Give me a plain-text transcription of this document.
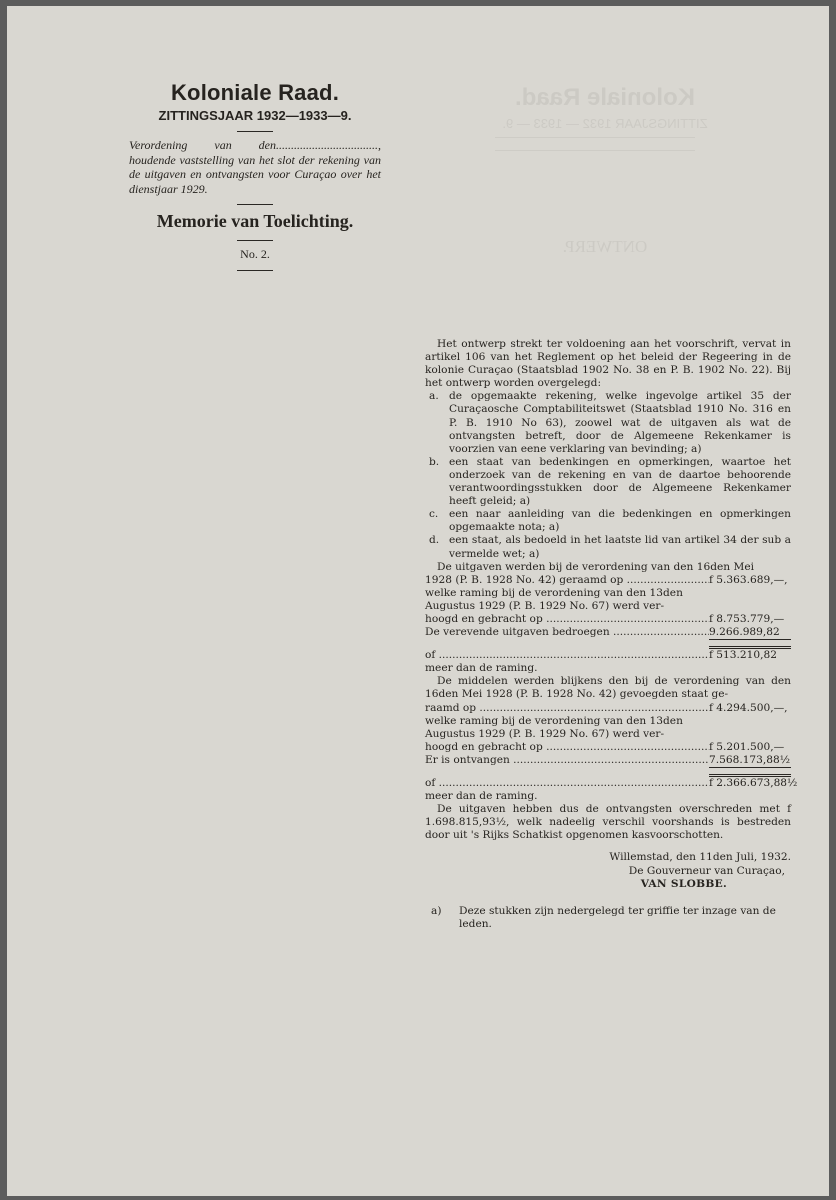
Koloniale Raad.
ZITTINGSJAAR 1932 — 1933 — 9.
ONTWERP.
Koloniale Raad.
ZITTINGSJAAR 1932—1933—9.
Verordening van den.................................., houdende vaststelling van het slot der rekening van de uitgaven en ontvangsten voor Curaçao over het dienstjaar 1929.
Memorie van Toelichting.
No. 2.
Het ontwerp strekt ter voldoening aan het voorschrift, vervat in artikel 106 van het Reglement op het beleid der Regeering in de kolonie Curaçao (Staatsblad 1902 No. 38 en P. B. 1902 No. 22). Bij het ontwerp worden overgelegd:
a. de opgemaakte rekening, welke ingevolge artikel 35 der Curaçaosche Comptabiliteitswet (Staatsblad 1910 No. 316 en P. B. 1910 No 63), zoowel wat de uitgaven als wat de ontvangsten betreft, door de Algemeene Rekenkamer is voorzien van eene verklaring van bevinding; a)
b. een staat van bedenkingen en opmerkingen, waartoe het onderzoek van de rekening en van de daartoe behoorende verantwoordingsstukken door de Algemeene Rekenkamer heeft geleid; a)
c.	een naar aanleiding van die bedenkingen en opmerkingen opgemaakte nota; a)
d. een staat, als bedoeld in het laatste lid van artikel 34 der sub a vermelde wet; a)
De uitgaven werden bij de verordening van den 16den Mei
1928 (P. B. 1928 No. 42) geraamd op .....	f 5.363.689,—,
welke raming bij de verordening van den 13den
Augustus 1929 (P. B. 1929 No. 67) werd ver-
hoogd en gebracht op .....	f 8.753.779,—
De verevende uitgaven bedroegen .....	9.266.989,82
of .....	f 513.210,82
meer dan de raming.
De middelen werden blijkens den bij de verordening van den 16den Mei 1928 (P. B. 1928 No. 42) gevoegden staat ge-
raamd op .....	f 4.294.500,—,
welke raming bij de verordening van den 13den
Augustus 1929 (P. B. 1929 No. 67) werd ver-
hoogd en gebracht op .....	f 5.201.500,—
Er is ontvangen .....	7.568.173,88½
of .....	f 2.366.673,88½
meer dan de raming.
De uitgaven hebben dus de ontvangsten overschreden met f 1.698.815,93½, welk nadeelig verschil voorshands is bestreden door uit 's Rijks Schatkist opgenomen kasvoorschotten.
Willemstad, den 11den Juli, 1932.
De Gouverneur van Curaçao,
VAN SLOBBE.
a)	Deze stukken zijn nedergelegd ter griffie ter inzage van de leden.
